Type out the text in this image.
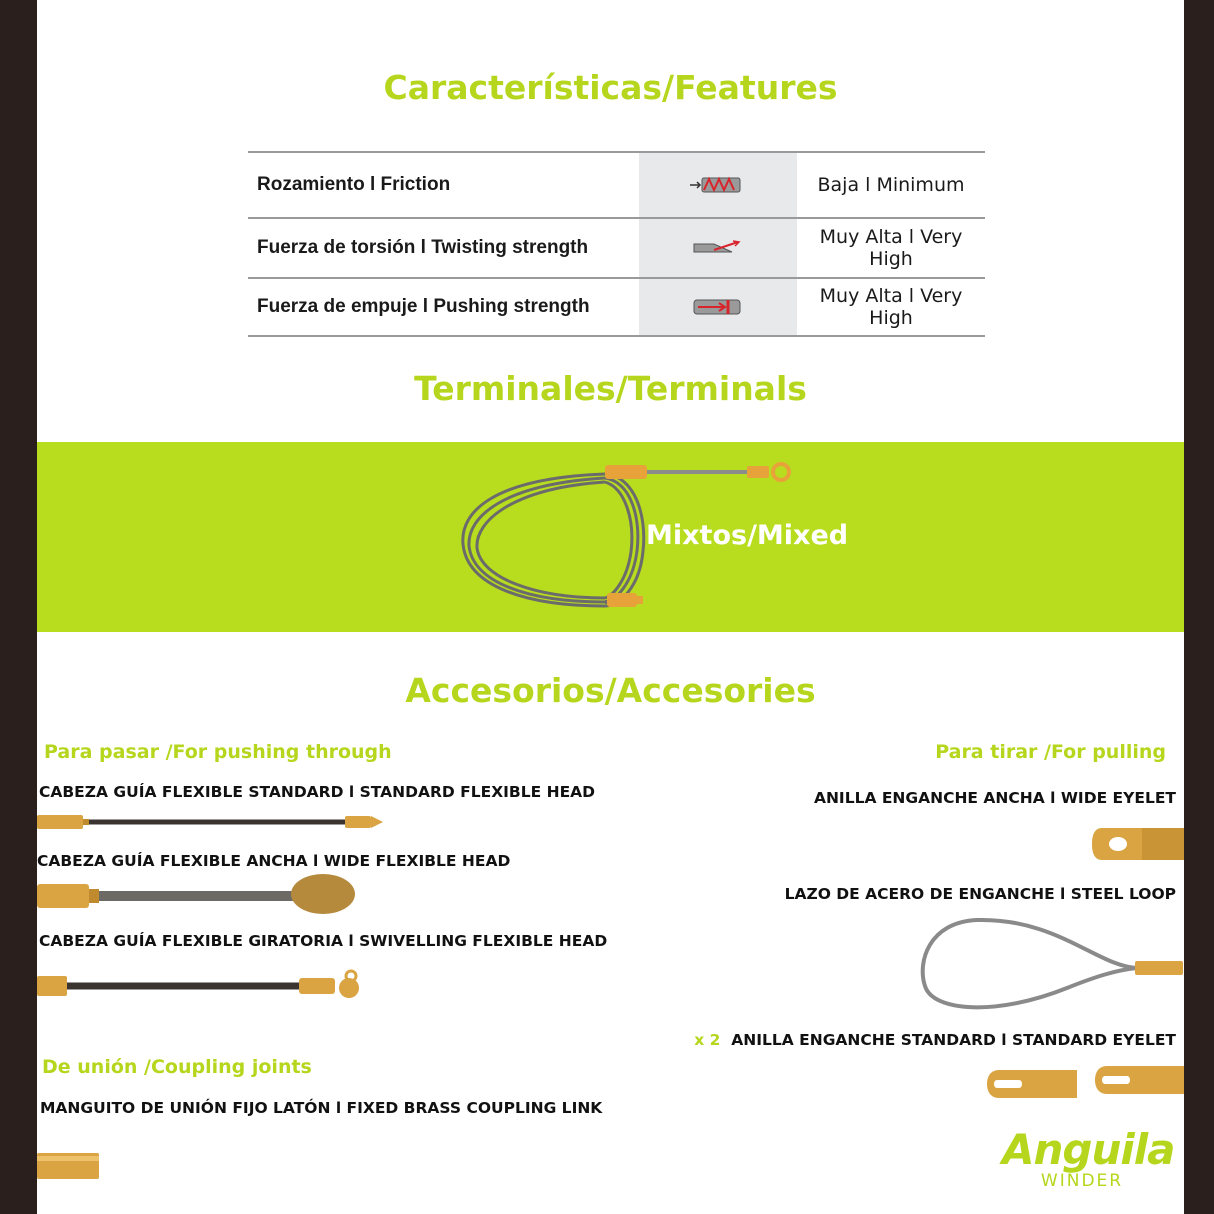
Características/Features
Rozamiento l Friction		Baja l Minimum
Fuerza de torsión l Twisting strength		Muy Alta l Very High
Fuerza de empuje l Pushing strength		Muy Alta l Very High
Terminales/Terminals
Mixtos/Mixed
Accesorios/Accesories
Para pasar /For pushing through
CABEZA GUÍA FLEXIBLE STANDARD l STANDARD FLEXIBLE HEAD
CABEZA GUÍA FLEXIBLE ANCHA l WIDE FLEXIBLE HEAD
CABEZA GUÍA FLEXIBLE GIRATORIA l SWIVELLING FLEXIBLE HEAD
De unión /Coupling joints
MANGUITO DE UNIÓN FIJO LATÓN l FIXED BRASS COUPLING LINK
Para tirar /For pulling
ANILLA ENGANCHE ANCHA l WIDE EYELET
LAZO DE ACERO DE ENGANCHE l STEEL LOOP
x 2 ANILLA ENGANCHE STANDARD l STANDARD EYELET
Anguila
WINDER
